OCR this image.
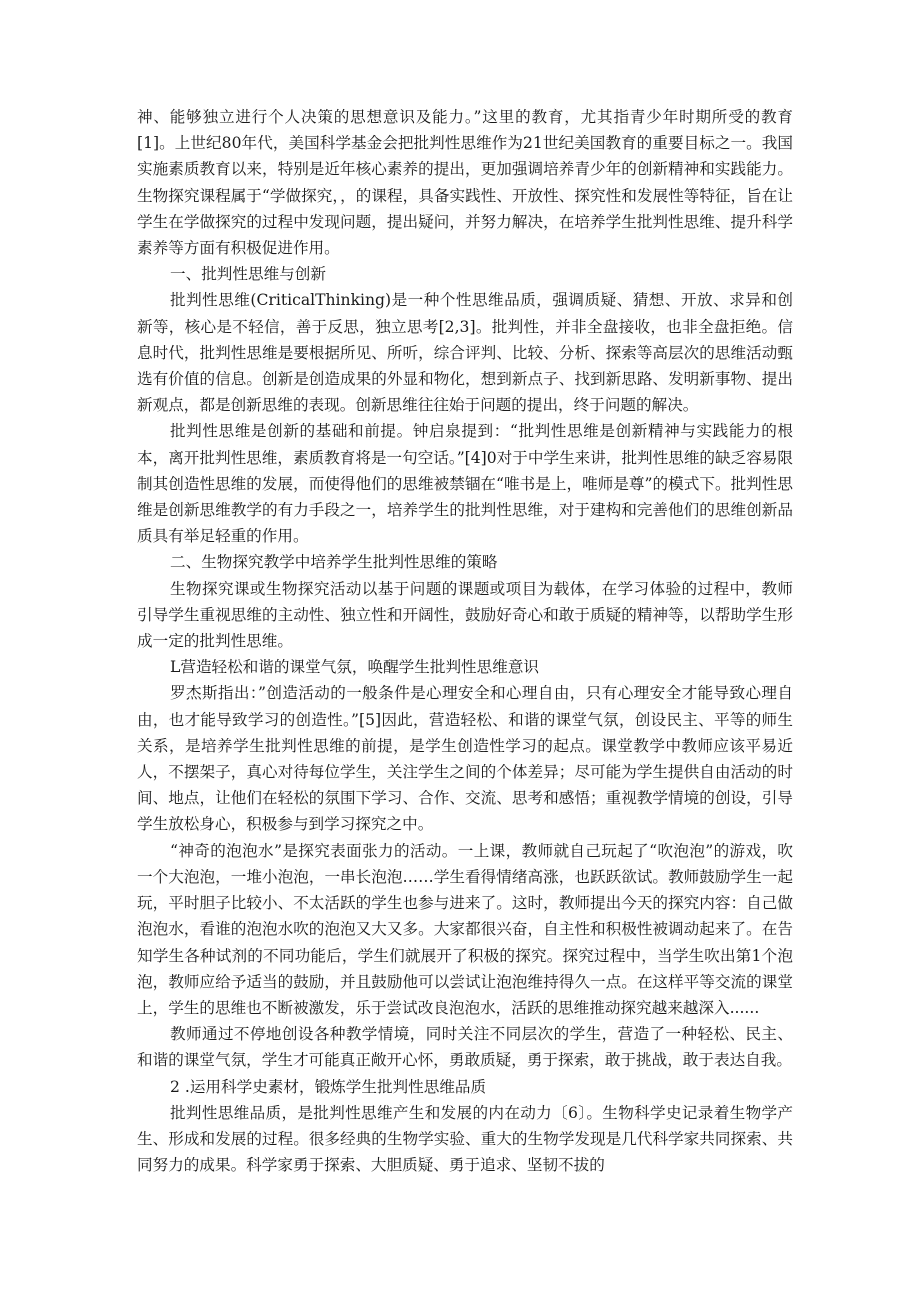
神、能够独立进行个人决策的思想意识及能力。”这里的教育，尤其指青少年时期所受的教育[1]。上世纪80年代，美国科学基金会把批判性思维作为21世纪美国教育的重要目标之一。我国实施素质教育以来，特别是近年核心素养的提出，更加强调培养青少年的创新精神和实践能力。生物探究课程属于“学做探究，，的课程，具备实践性、开放性、探究性和发展性等特征，旨在让学生在学做探究的过程中发现问题，提出疑问，并努力解决，在培养学生批判性思维、提升科学素养等方面有积极促进作用。

一、批判性思维与创新

批判性思维(CriticalThinking)是一种个性思维品质，强调质疑、猜想、开放、求异和创新等，核心是不轻信，善于反思，独立思考[2,3]。批判性，并非全盘接收，也非全盘拒绝。信息时代，批判性思维是要根据所见、所听，综合评判、比较、分析、探索等高层次的思维活动甄选有价值的信息。创新是创造成果的外显和物化，想到新点子、找到新思路、发明新事物、提出新观点，都是创新思维的表现。创新思维往往始于问题的提出，终于问题的解决。

批判性思维是创新的基础和前提。钟启泉提到：“批判性思维是创新精神与实践能力的根本，离开批判性思维，素质教育将是一句空话。”[4]0对于中学生来讲，批判性思维的缺乏容易限制其创造性思维的发展，而使得他们的思维被禁锢在“唯书是上，唯师是尊”的模式下。批判性思维是创新思维教学的有力手段之一，培养学生的批判性思维，对于建构和完善他们的思维创新品质具有举足轻重的作用。

二、生物探究教学中培养学生批判性思维的策略

生物探究课或生物探究活动以基于问题的课题或项目为载体，在学习体验的过程中，教师引导学生重视思维的主动性、独立性和开阔性，鼓励好奇心和敢于质疑的精神等，以帮助学生形成一定的批判性思维。

L营造轻松和谐的课堂气氛，唤醒学生批判性思维意识

罗杰斯指出：”创造活动的一般条件是心理安全和心理自由，只有心理安全才能导致心理自由，也才能导致学习的创造性。”[5]因此，营造轻松、和谐的课堂气氛，创设民主、平等的师生关系，是培养学生批判性思维的前提，是学生创造性学习的起点。课堂教学中教师应该平易近人，不摆架子，真心对待每位学生，关注学生之间的个体差异；尽可能为学生提供自由活动的时间、地点，让他们在轻松的氛围下学习、合作、交流、思考和感悟；重视教学情境的创设，引导学生放松身心，积极参与到学习探究之中。

“神奇的泡泡水”是探究表面张力的活动。一上课，教师就自己玩起了“吹泡泡”的游戏，吹一个大泡泡，一堆小泡泡，一串长泡泡……学生看得情绪高涨，也跃跃欲试。教师鼓励学生一起玩，平时胆子比较小、不太活跃的学生也参与进来了。这时，教师提出今天的探究内容：自己做泡泡水，看谁的泡泡水吹的泡泡又大又多。大家都很兴奋，自主性和积极性被调动起来了。在告知学生各种试剂的不同功能后，学生们就展开了积极的探究。探究过程中，当学生吹出第1个泡泡，教师应给予适当的鼓励，并且鼓励他可以尝试让泡泡维持得久一点。在这样平等交流的课堂上，学生的思维也不断被激发，乐于尝试改良泡泡水，活跃的思维推动探究越来越深入......

教师通过不停地创设各种教学情境，同时关注不同层次的学生，营造了一种轻松、民主、和谐的课堂气氛，学生才可能真正敞开心怀，勇敢质疑，勇于探索，敢于挑战，敢于表达自我。

2 .运用科学史素材，锻炼学生批判性思维品质

批判性思维品质，是批判性思维产生和发展的内在动力〔6〕。生物科学史记录着生物学产生、形成和发展的过程。很多经典的生物学实验、重大的生物学发现是几代科学家共同探索、共同努力的成果。科学家勇于探索、大胆质疑、勇于追求、坚韧不拔的
